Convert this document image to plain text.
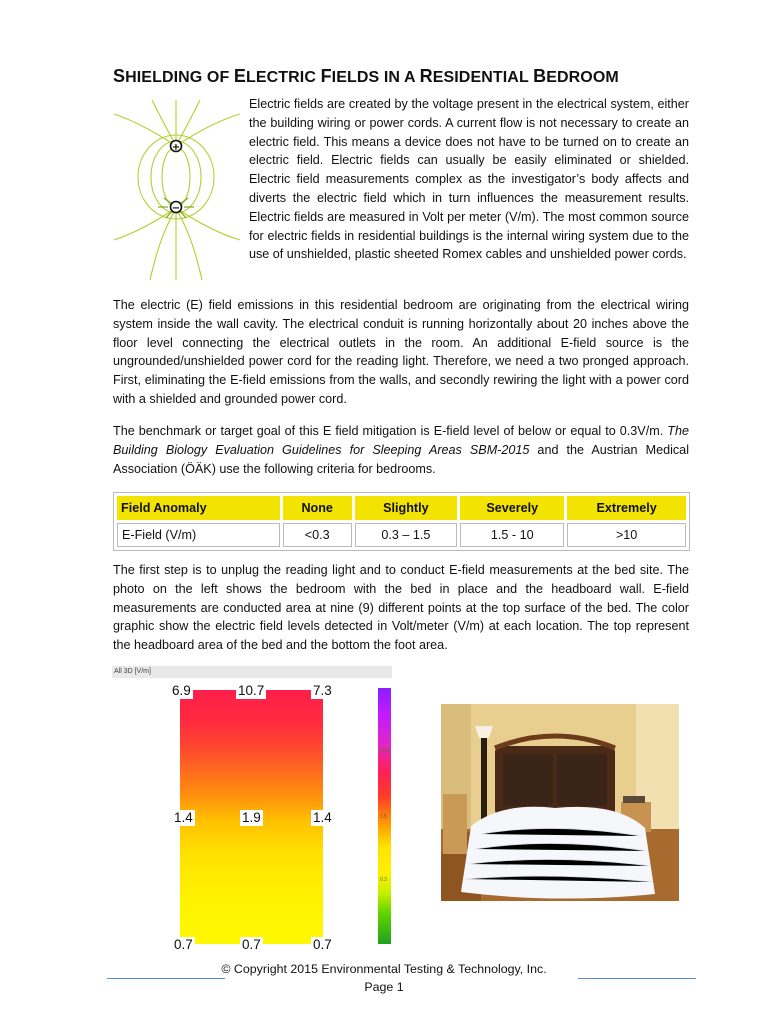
SHIELDING OF ELECTRIC FIELDS IN A RESIDENTIAL BEDROOM
+
−
Electric fields are created by the voltage present in the electrical system, either the building wiring or power cords. A current flow is not necessary to create an electric field. This means a device does not have to be turned on to create an electric field. Electric fields can usually be easily eliminated or shielded. Electric field measurements complex as the investigator’s body affects and diverts the electric field which in turn influences the measurement results. Electric fields are measured in Volt per meter (V/m). The most common source for electric fields in residential buildings is the internal wiring system due to the use of unshielded, plastic sheeted Romex cables and unshielded power cords.
The electric (E) field emissions in this residential bedroom are originating from the electrical wiring system inside the wall cavity. The electrical conduit is running horizontally about 20 inches above the floor level connecting the electrical outlets in the room. An additional E-field source is the ungrounded/unshielded power cord for the reading light. Therefore, we need a two pronged approach. First, eliminating the E-field emissions from the walls, and secondly rewiring the light with a power cord with a shielded and grounded power cord.
The benchmark or target goal of this E field mitigation is E-field level of below or equal to 0.3V/m. The Building Biology Evaluation Guidelines for Sleeping Areas SBM-2015 and the Austrian Medical Association (ÖÄK) use the following criteria for bedrooms.
Field Anomaly	None	Slightly	Severely	Extremely
E-Field (V/m)	<0.3	0.3 – 1.5	1.5 - 10	>10
The first step is to unplug the reading light and to conduct E-field measurements at the bed site. The photo on the left shows the bedroom with the bed in place and the headboard wall. E-field measurements are conducted area at nine (9) different points at the top surface of the bed. The color graphic show the electric field levels detected in Volt/meter (V/m) at each location. The top represent the headboard area of the bed and the bottom the foot area.
All 3D [V/m]
6.9	10.7	7.3
1.4	1.9	1.4
0.7	0.7	0.7
10.0
1.5
0.3
© Copyright 2015 Environmental Testing & Technology, Inc.
Page 1
